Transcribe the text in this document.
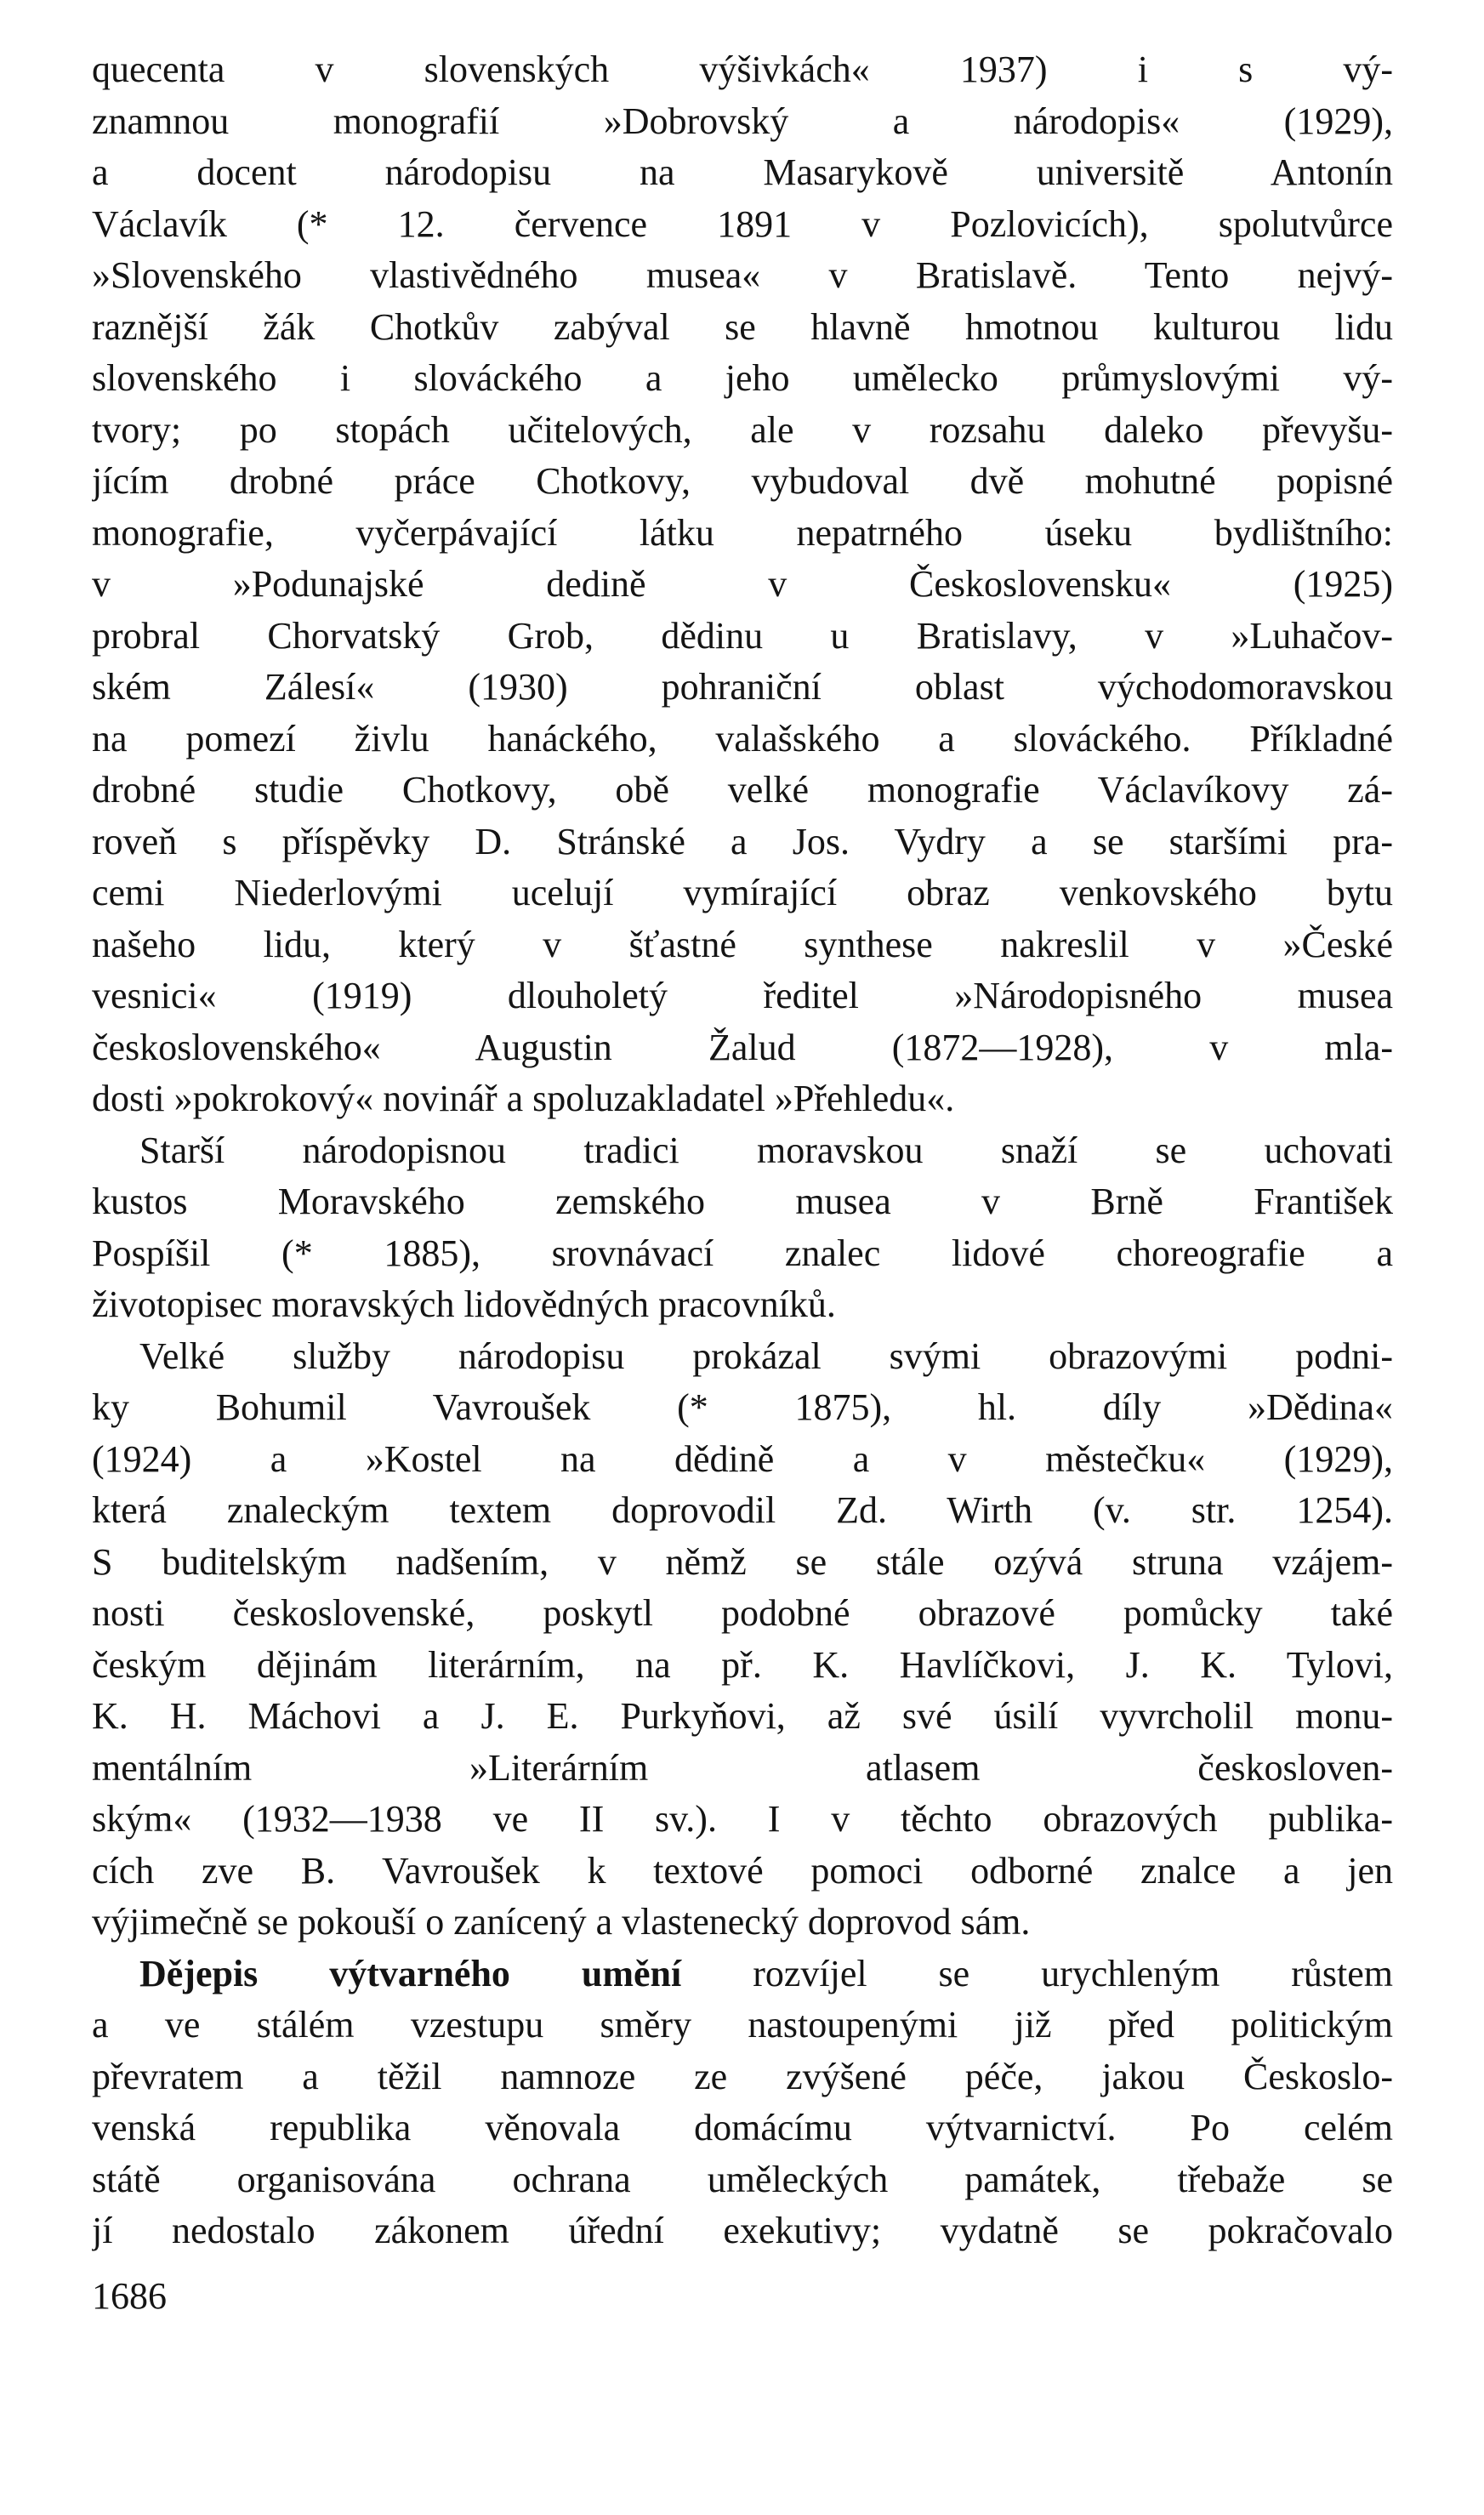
quecenta v slovenských výšivkách« 1937) i s vý-
znamnou monografií »Dobrovský a národopis« (1929),
a docent národopisu na Masarykově universitě Antonín
Václavík (* 12. července 1891 v Pozlovicích), spolutvůrce
»Slovenského vlastivědného musea« v Bratislavě. Tento nejvý-
raznější žák Chotkův zabýval se hlavně hmotnou kulturou lidu
slovenského i slováckého a jeho umělecko průmyslovými vý-
tvory; po stopách učitelových, ale v rozsahu daleko převyšu-
jícím drobné práce Chotkovy, vybudoval dvě mohutné popisné
monografie, vyčerpávající látku nepatrného úseku bydlištního:
v »Podunajské dedině v Československu« (1925)
probral Chorvatský Grob, dědinu u Bratislavy, v »Luhačov-
ském Zálesí« (1930) pohraniční oblast východomoravskou
na pomezí živlu hanáckého, valašského a slováckého. Příkladné
drobné studie Chotkovy, obě velké monografie Václavíkovy zá-
roveň s příspěvky D. Stránské a Jos. Vydry a se staršími pra-
cemi Niederlovými ucelují vymírající obraz venkovského bytu
našeho lidu, který v šťastné synthese nakreslil v »České
vesnici« (1919) dlouholetý ředitel »Národopisného musea
československého« Augustin Žalud (1872—1928), v mla-
dosti »pokrokový« novinář a spoluzakladatel »Přehledu«.
Starší národopisnou tradici moravskou snaží se uchovati
kustos Moravského zemského musea v Brně František
Pospíšil (* 1885), srovnávací znalec lidové choreografie a
životopisec moravských lidovědných pracovníků.
Velké služby národopisu prokázal svými obrazovými podni-
ky Bohumil Vavroušek (* 1875), hl. díly »Dědina«
(1924) a »Kostel na dědině a v městečku« (1929),
která znaleckým textem doprovodil Zd. Wirth (v. str. 1254).
S buditelským nadšením, v němž se stále ozývá struna vzájem-
nosti československé, poskytl podobné obrazové pomůcky také
českým dějinám literárním, na př. K. Havlíčkovi, J. K. Tylovi,
K. H. Máchovi a J. E. Purkyňovi, až své úsilí vyvrcholil monu-
mentálním »Literárním atlasem českosloven-
ským« (1932—1938 ve II sv.). I v těchto obrazových publika-
cích zve B. Vavroušek k textové pomoci odborné znalce a jen
výjimečně se pokouší o zanícený a vlastenecký doprovod sám.
Dějepis výtvarného umění rozvíjel se urychleným růstem
a ve stálém vzestupu směry nastoupenými již před politickým
převratem a těžil namnoze ze zvýšené péče, jakou Českoslo-
venská republika věnovala domácímu výtvarnictví. Po celém
státě organisována ochrana uměleckých památek, třebaže se
jí nedostalo zákonem úřední exekutivy; vydatně se pokračovalo
1686
